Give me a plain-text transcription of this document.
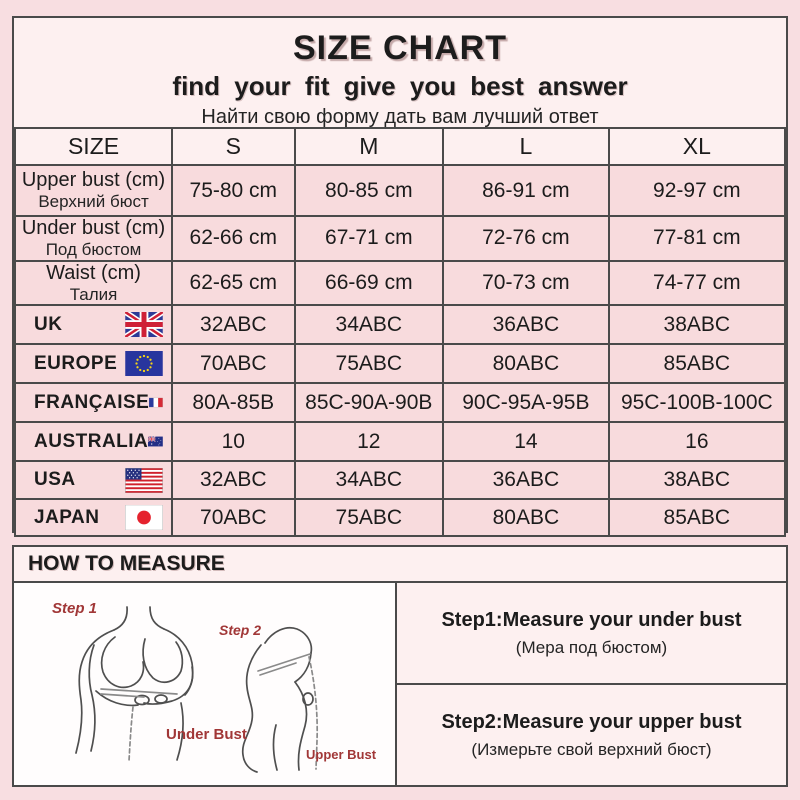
SIZE CHART
find your fit give you best answer
Найти свою форму дать вам лучший ответ
SIZE	S	M	L	XL

Upper bust (cm)
Верхний бюст	75-80 cm	80-85 cm	86-91 cm	92-97 cm

Under bust (cm)
Под бюстом	62-66 cm	67-71 cm	72-76 cm	77-81 cm

Waist (cm)
Талия	62-65 cm	66-69 cm	70-73 cm	74-77 cm

UK	32ABC	34ABC	36ABC	38ABC

EUROPE	70ABC	75ABC	80ABC	85ABC

FRANÇAISE	80A-85B	85C-90A-90B	90C-95A-95B	95C-100B-100C

AUSTRALIA	10	12	14	16

USA	32ABC	34ABC	36ABC	38ABC

JAPAN	70ABC	75ABC	80ABC	85ABC
HOW TO MEASURE
Step 1
Step 2
Under Bust
Upper Bust
Step1:Measure your under bust
(Мера под бюстом)
Step2:Measure your upper bust
(Измерьте свой верхний бюст)
